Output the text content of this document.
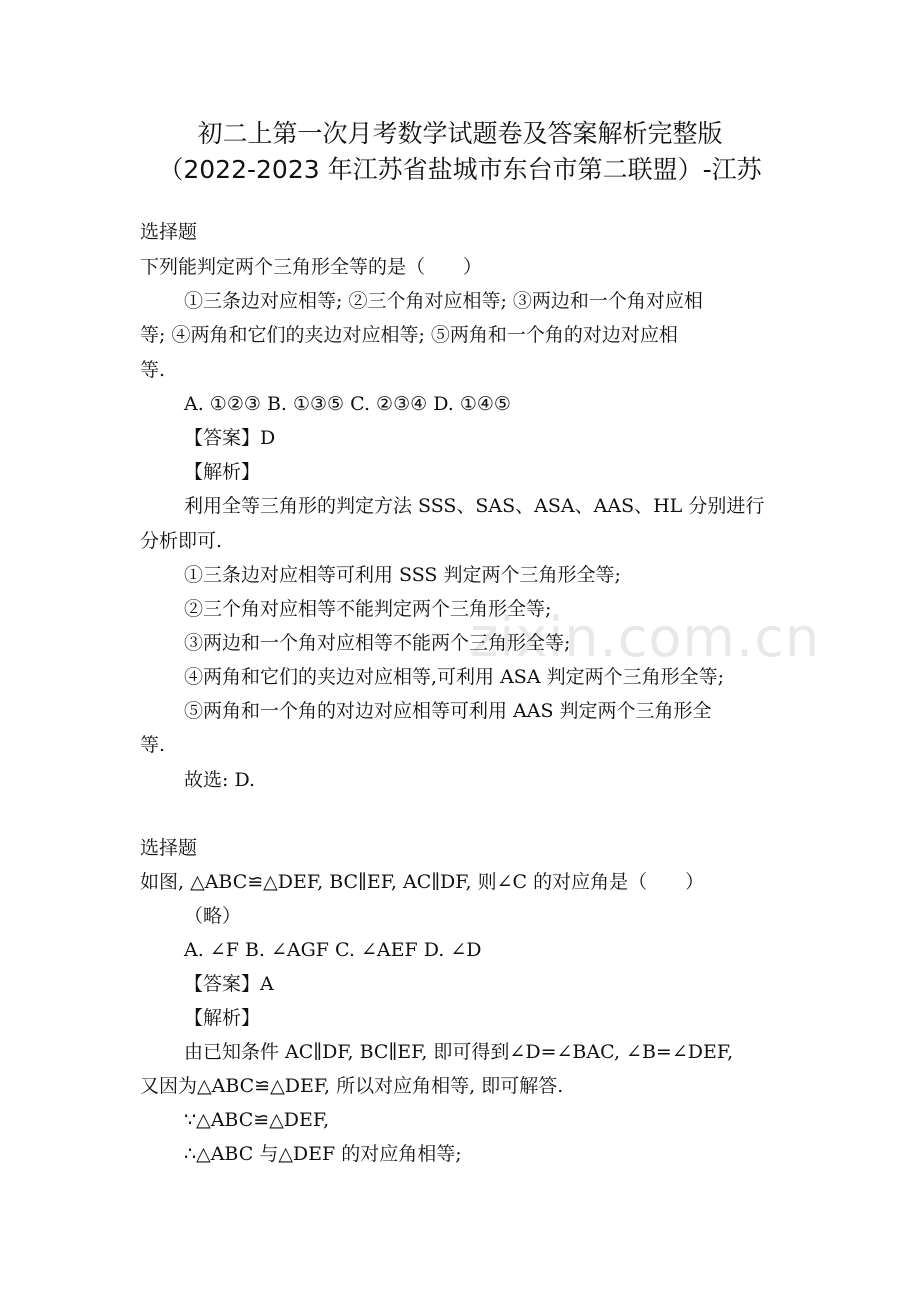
初二上第一次月考数学试题卷及答案解析完整版
（2022-2023 年江苏省盐城市东台市第二联盟）-江苏
zixin.com.cn
选择题
下列能判定两个三角形全等的是（　　）
①三条边对应相等; ②三个角对应相等; ③两边和一个角对应相
等; ④两角和它们的夹边对应相等; ⑤两角和一个角的对边对应相
等.
A. ①②③ B. ①③⑤ C. ②③④ D. ①④⑤
【答案】D
【解析】
利用全等三角形的判定方法 SSS、SAS、ASA、AAS、HL 分别进行
分析即可.
①三条边对应相等可利用 SSS 判定两个三角形全等;
②三个角对应相等不能判定两个三角形全等;
③两边和一个角对应相等不能两个三角形全等;
④两角和它们的夹边对应相等,可利用 ASA 判定两个三角形全等;
⑤两角和一个角的对边对应相等可利用 AAS 判定两个三角形全
等.
故选: D.
选择题
如图, △ABC≌△DEF, BC∥EF, AC∥DF, 则∠C 的对应角是（　　）
（略）
A. ∠F B. ∠AGF C. ∠AEF D. ∠D
【答案】A
【解析】
由已知条件 AC∥DF, BC∥EF, 即可得到∠D=∠BAC, ∠B=∠DEF,
又因为△ABC≌△DEF, 所以对应角相等, 即可解答.
∵△ABC≌△DEF,
∴△ABC 与△DEF 的对应角相等;
